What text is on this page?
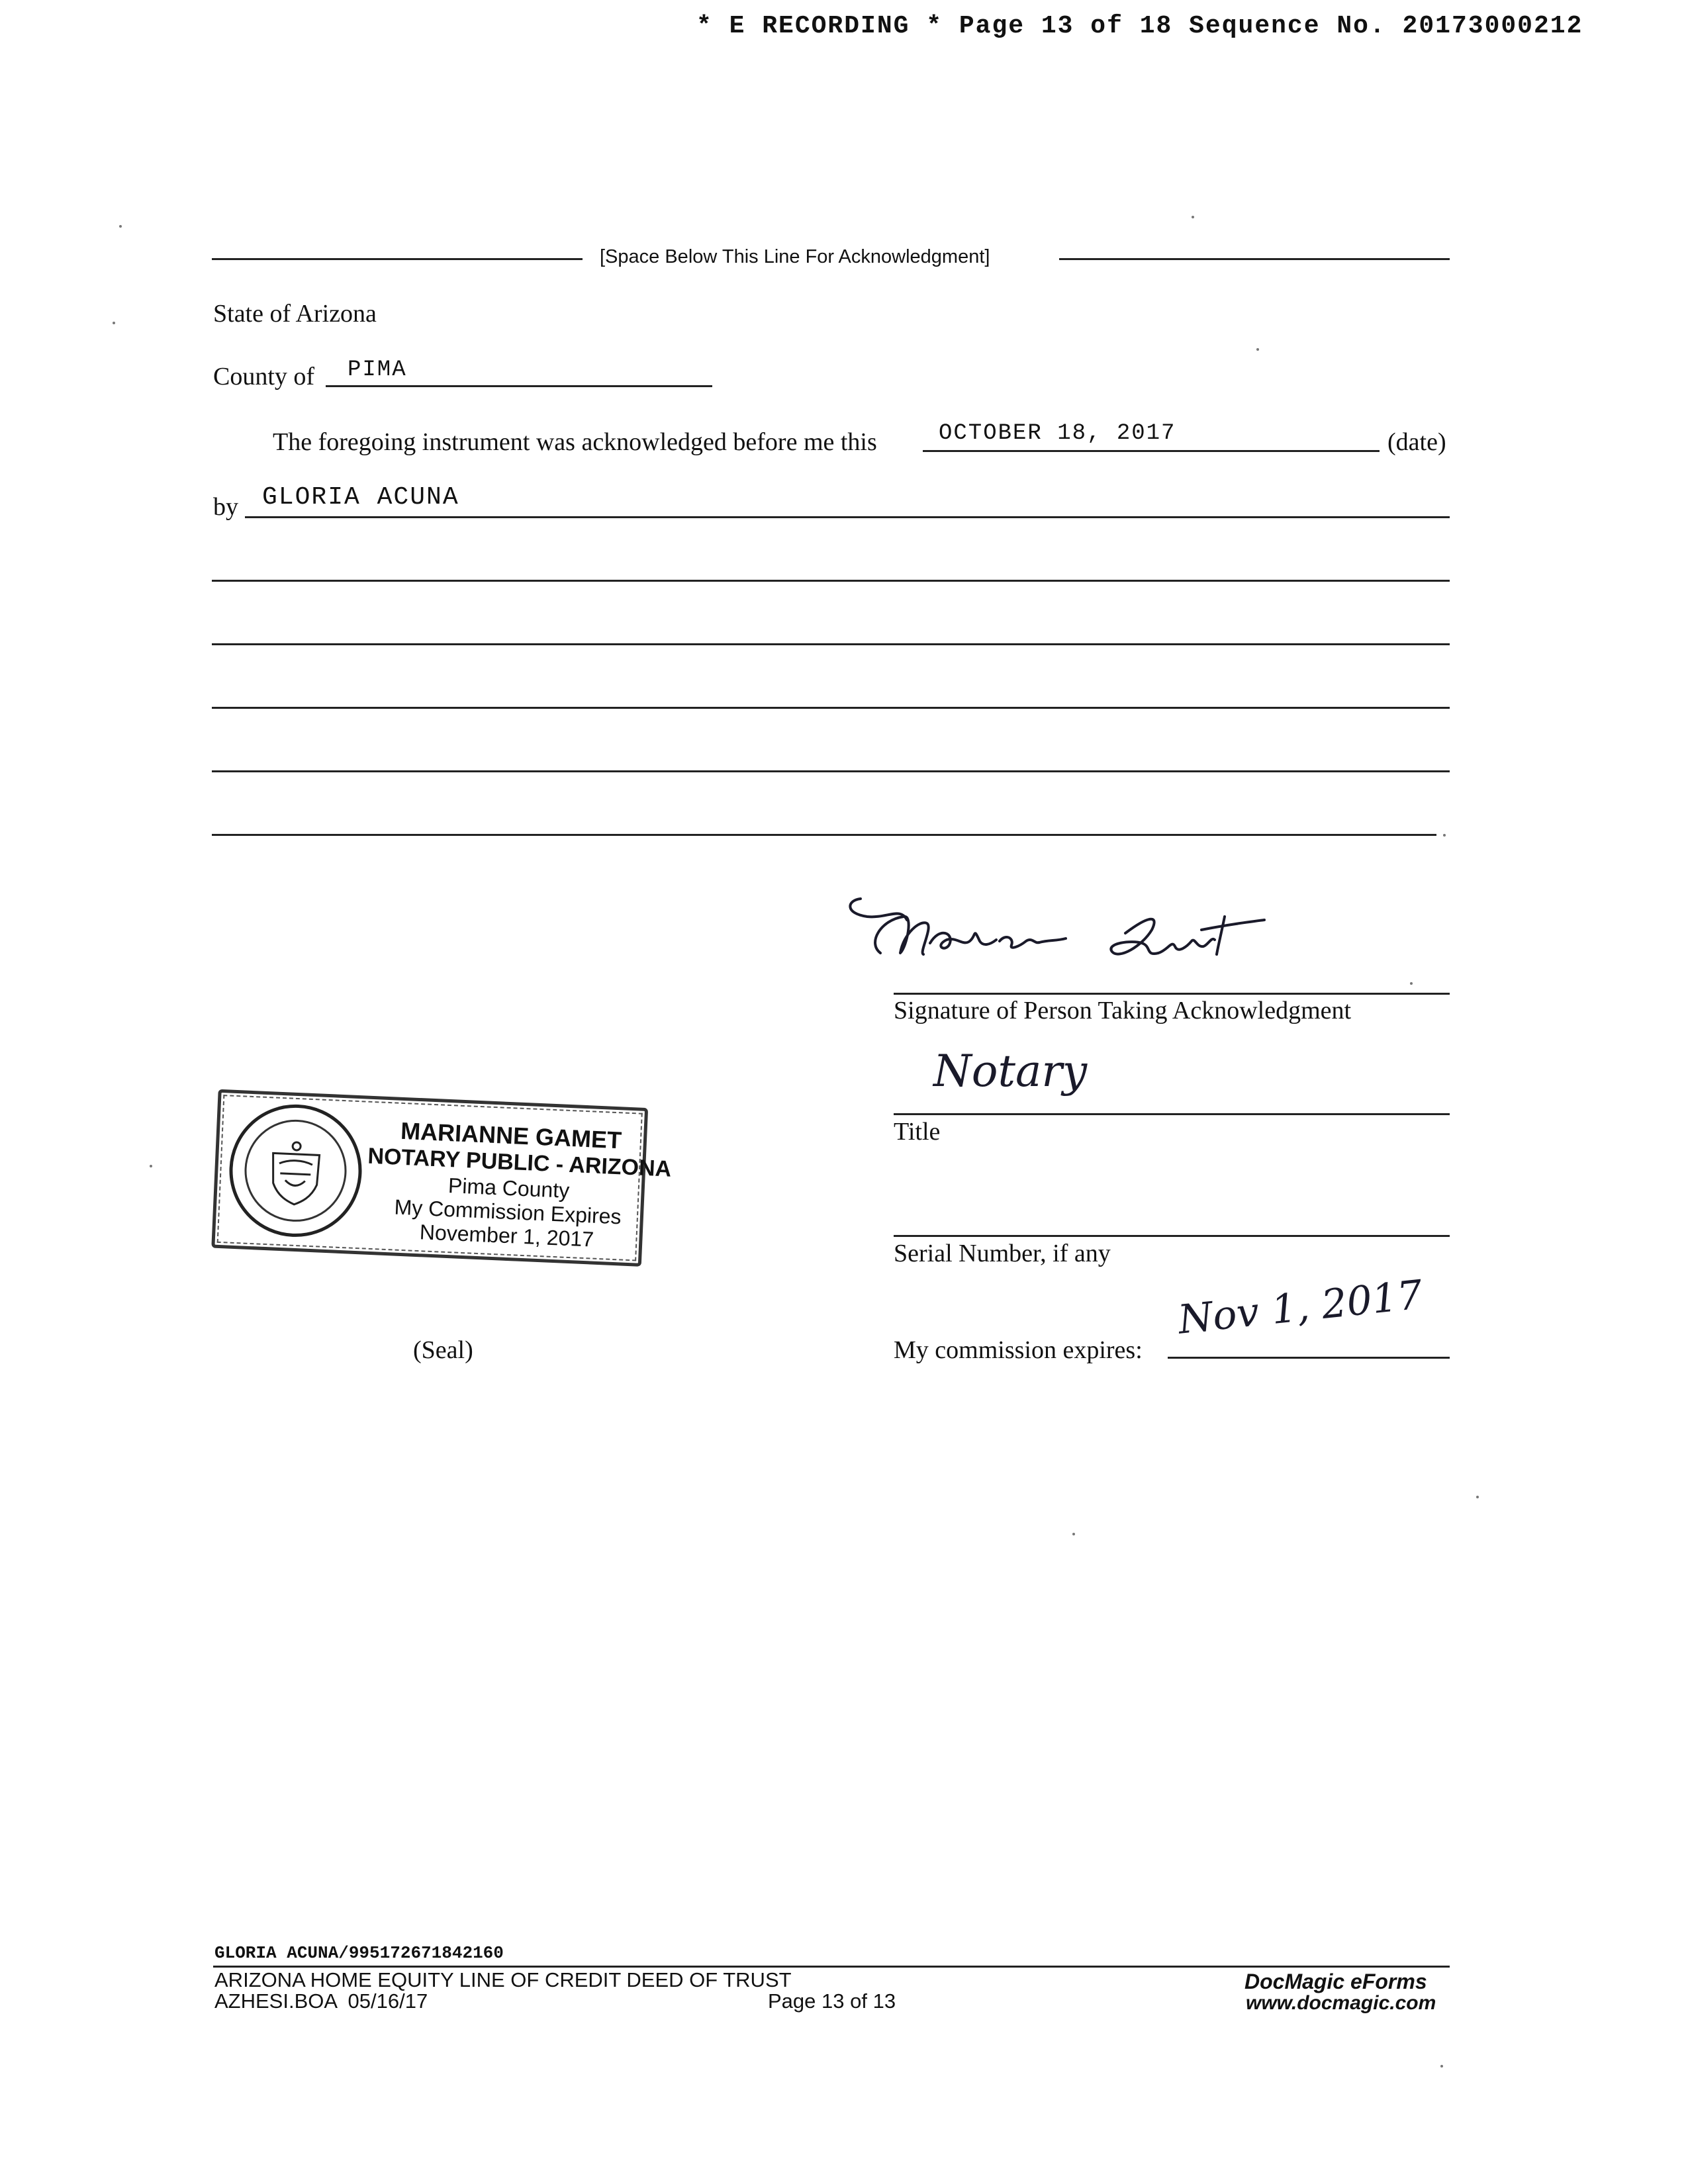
* E RECORDING * Page 13 of 18 Sequence No. 20173000212
[Space Below This Line For Acknowledgment]
State of Arizona
County of PIMA
The foregoing instrument was acknowledged before me this	OCTOBER 18, 2017	(date)
by GLORIA ACUNA
Signature of Person Taking Acknowledgment
Notary
Title
Serial Number, if any
My commission expires:
Nov 1, 2017
MARIANNE GAMET
NOTARY PUBLIC - ARIZONA
Pima County
My Commission Expires
November 1, 2017
(Seal)
GLORIA ACUNA/995172671842160
ARIZONA HOME EQUITY LINE OF CREDIT DEED OF TRUST
AZHESI.BOA  05/16/17	Page 13 of 13
DocMagic eForms
www.docmagic.com
